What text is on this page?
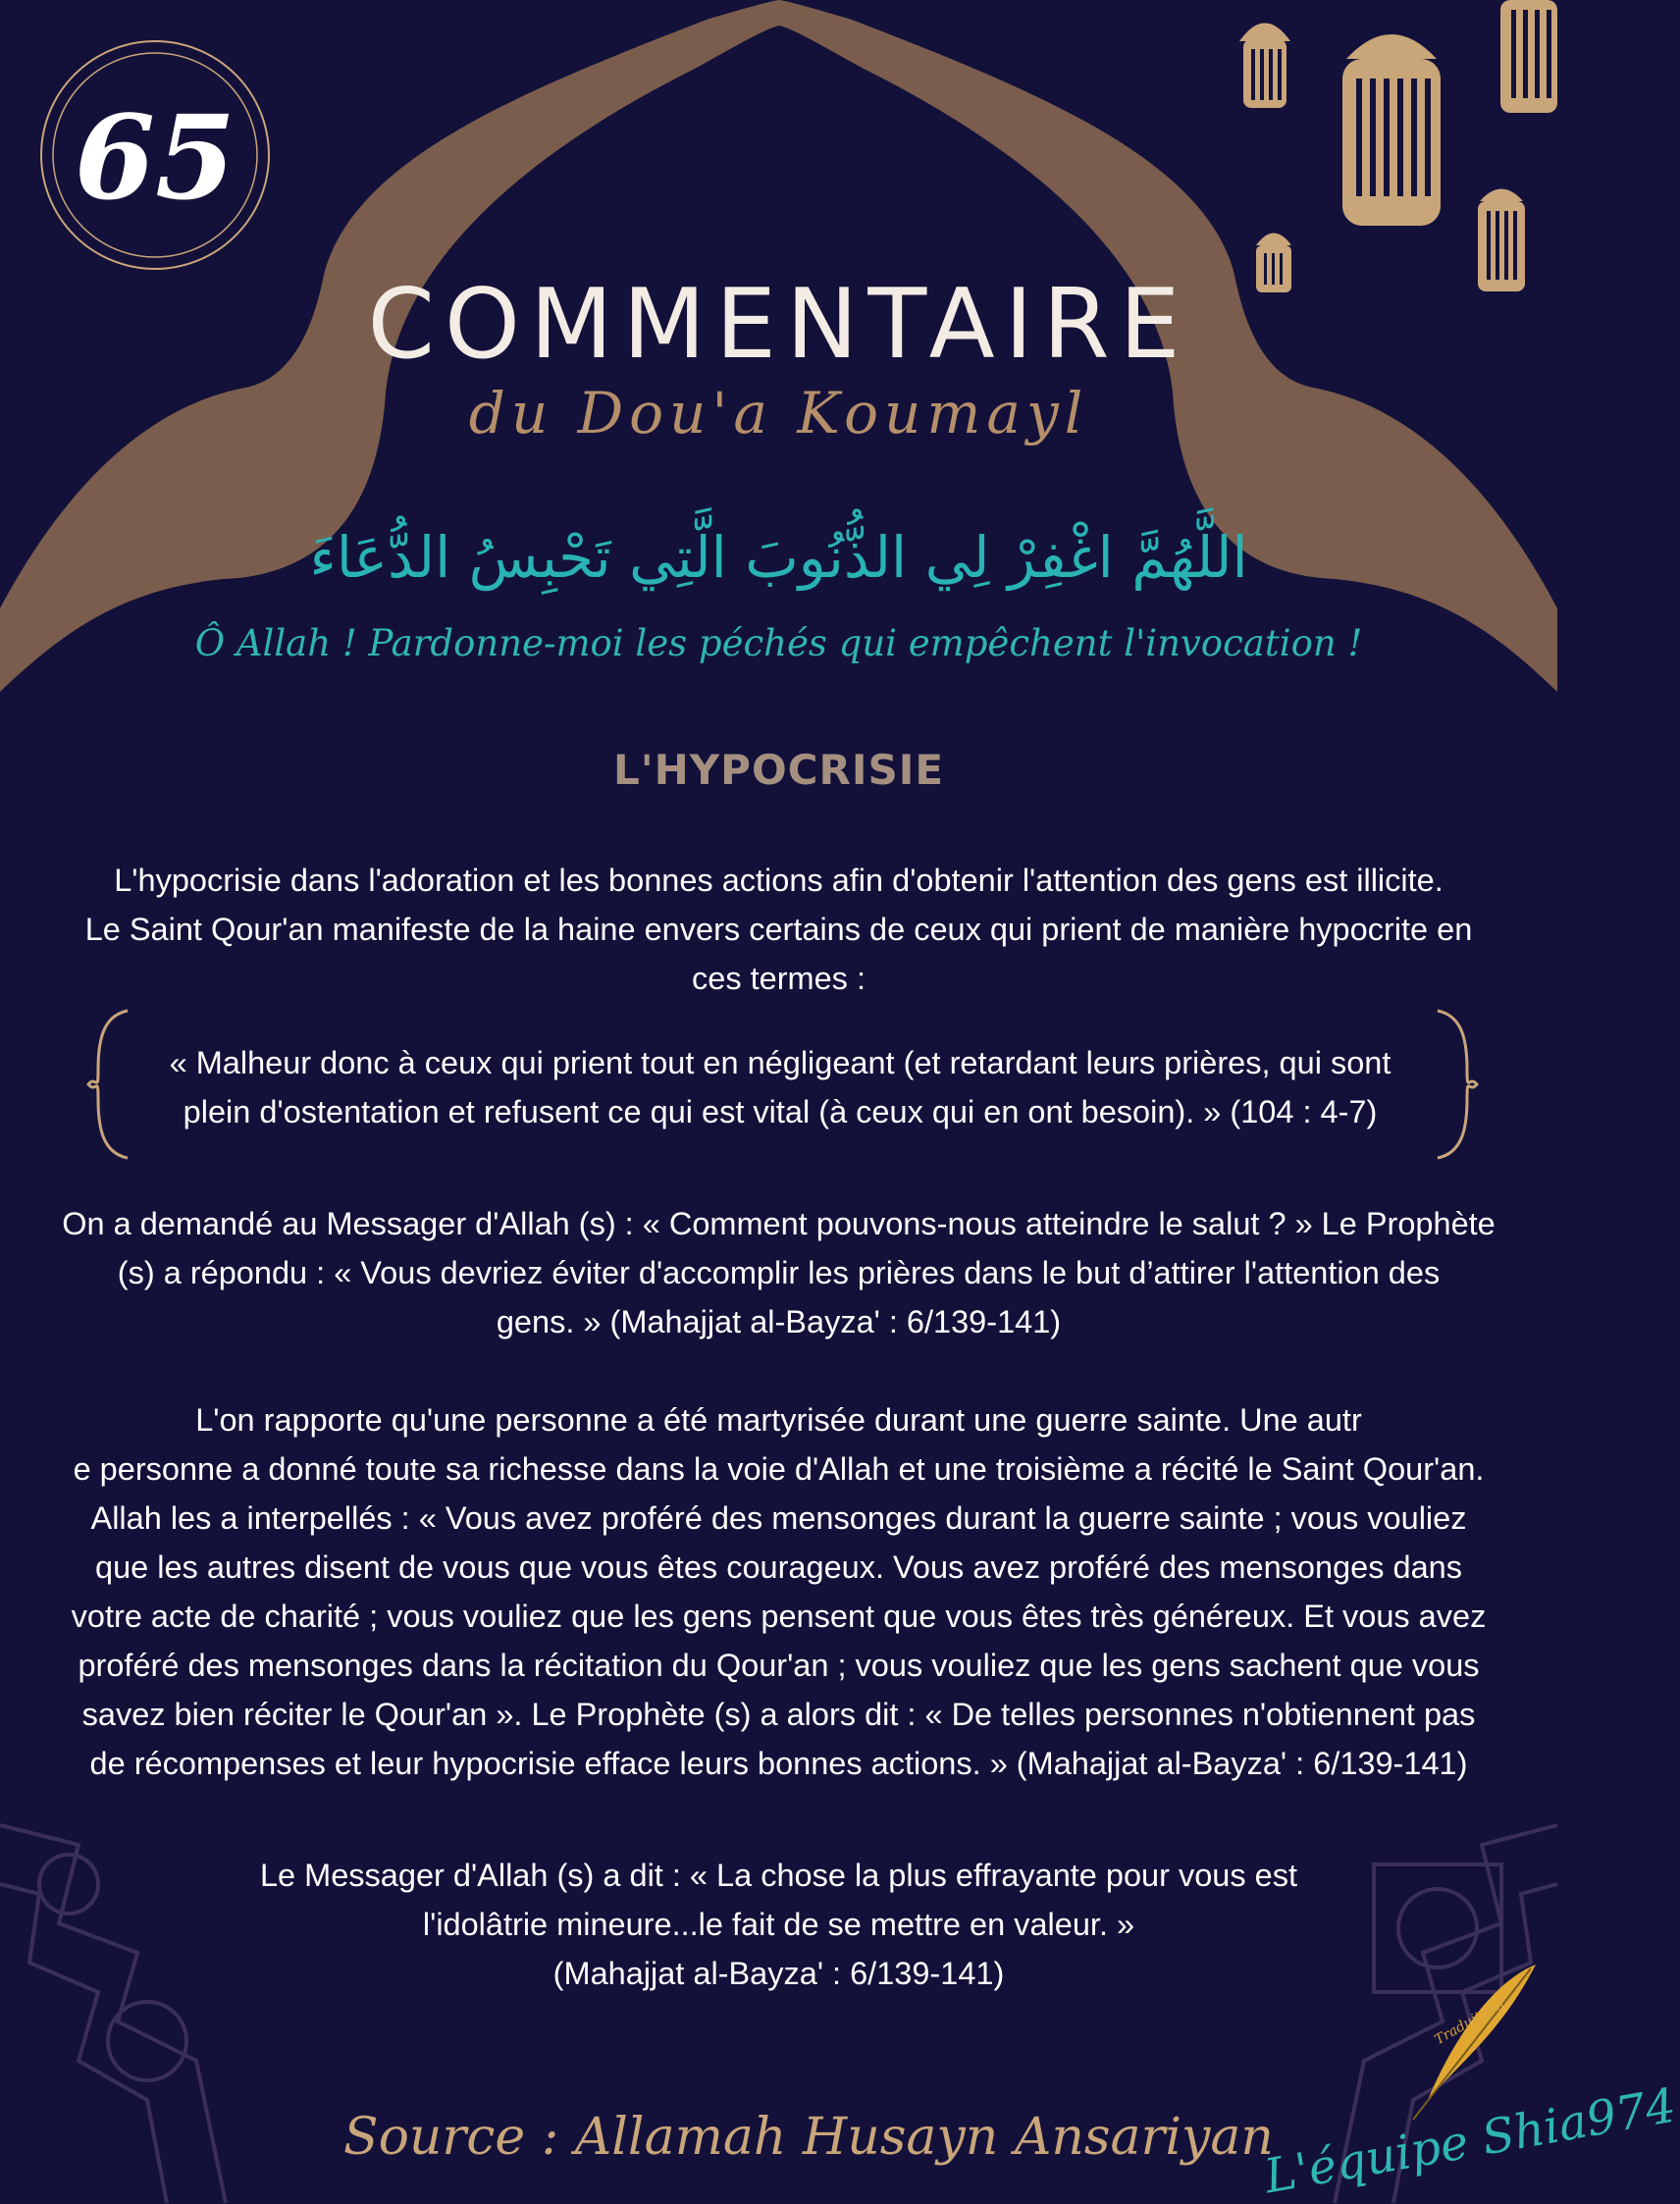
65
COMMENTAIRE
du Dou'a Koumayl
اللَّهُمَّ اغْفِرْ لِي الذُّنُوبَ الَّتِي تَحْبِسُ الدُّعَاءَ
Ô Allah ! Pardonne-moi les péchés qui empêchent l'invocation !
L'HYPOCRISIE
L'hypocrisie dans l'adoration et les bonnes actions afin d'obtenir l'attention des gens est illicite.
Le Saint Qour'an manifeste de la haine envers certains de ceux qui prient de manière hypocrite en
ces termes :
« Malheur donc à ceux qui prient tout en négligeant (et retardant leurs prières, qui sont
plein d'ostentation et refusent ce qui est vital (à ceux qui en ont besoin). » (104 : 4-7)
On a demandé au Messager d'Allah (s) : « Comment pouvons-nous atteindre le salut ? » Le Prophète
(s) a répondu : « Vous devriez éviter d'accomplir les prières dans le but d’attirer l'attention des
gens. » (Mahajjat al-Bayza' : 6/139-141)
L'on rapporte qu'une personne a été martyrisée durant une guerre sainte. Une autr
e personne a donné toute sa richesse dans la voie d'Allah et une troisième a récité le Saint Qour'an.
Allah les a interpellés : « Vous avez proféré des mensonges durant la guerre sainte ; vous vouliez
que les autres disent de vous que vous êtes courageux. Vous avez proféré des mensonges dans
votre acte de charité ; vous vouliez que les gens pensent que vous êtes très généreux. Et vous avez
proféré des mensonges dans la récitation du Qour'an ; vous vouliez que les gens sachent que vous
savez bien réciter le Qour'an ». Le Prophète (s) a alors dit : « De telles personnes n'obtiennent pas
de récompenses et leur hypocrisie efface leurs bonnes actions. » (Mahajjat al-Bayza' : 6/139-141)
Le Messager d'Allah (s) a dit : « La chose la plus effrayante pour vous est
l'idolâtrie mineure...le fait de se mettre en valeur. »
(Mahajjat al-Bayza' : 6/139-141)
Source : Allamah Husayn Ansariyan
Traduit par
L'équipe Shia974
